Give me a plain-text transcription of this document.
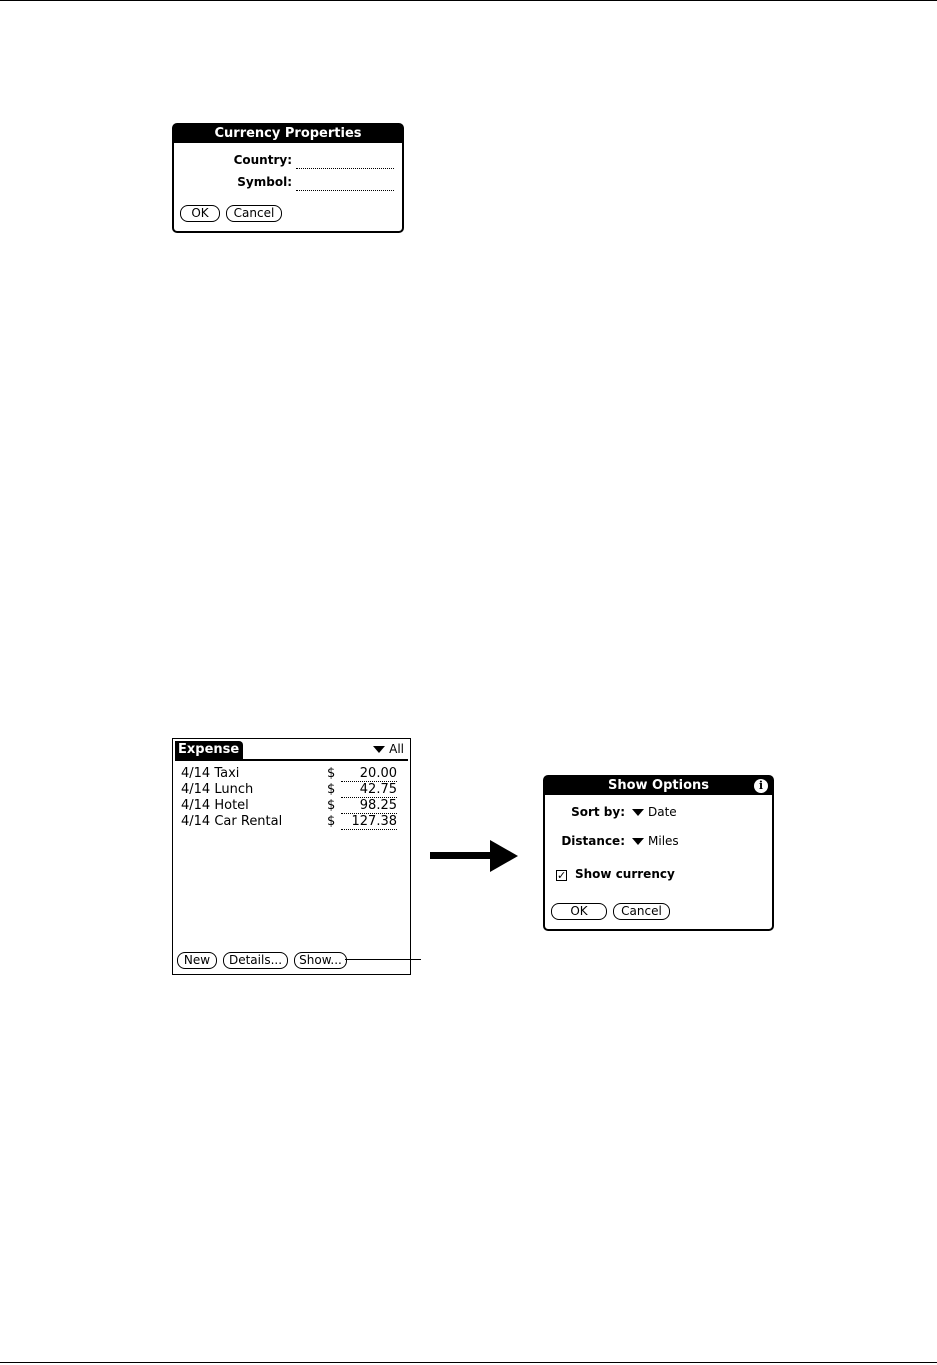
Currency Properties
Country:
Symbol:
OK	Cancel
Expense	All
4/14 Taxi	$	20.00
4/14 Lunch	$	42.75
4/14 Hotel	$	98.25
4/14 Car Rental	$	127.38
New	Details...	Show...
Show Options	i
Sort by:	Date
Distance:	Miles
✓ Show currency
OK	Cancel
